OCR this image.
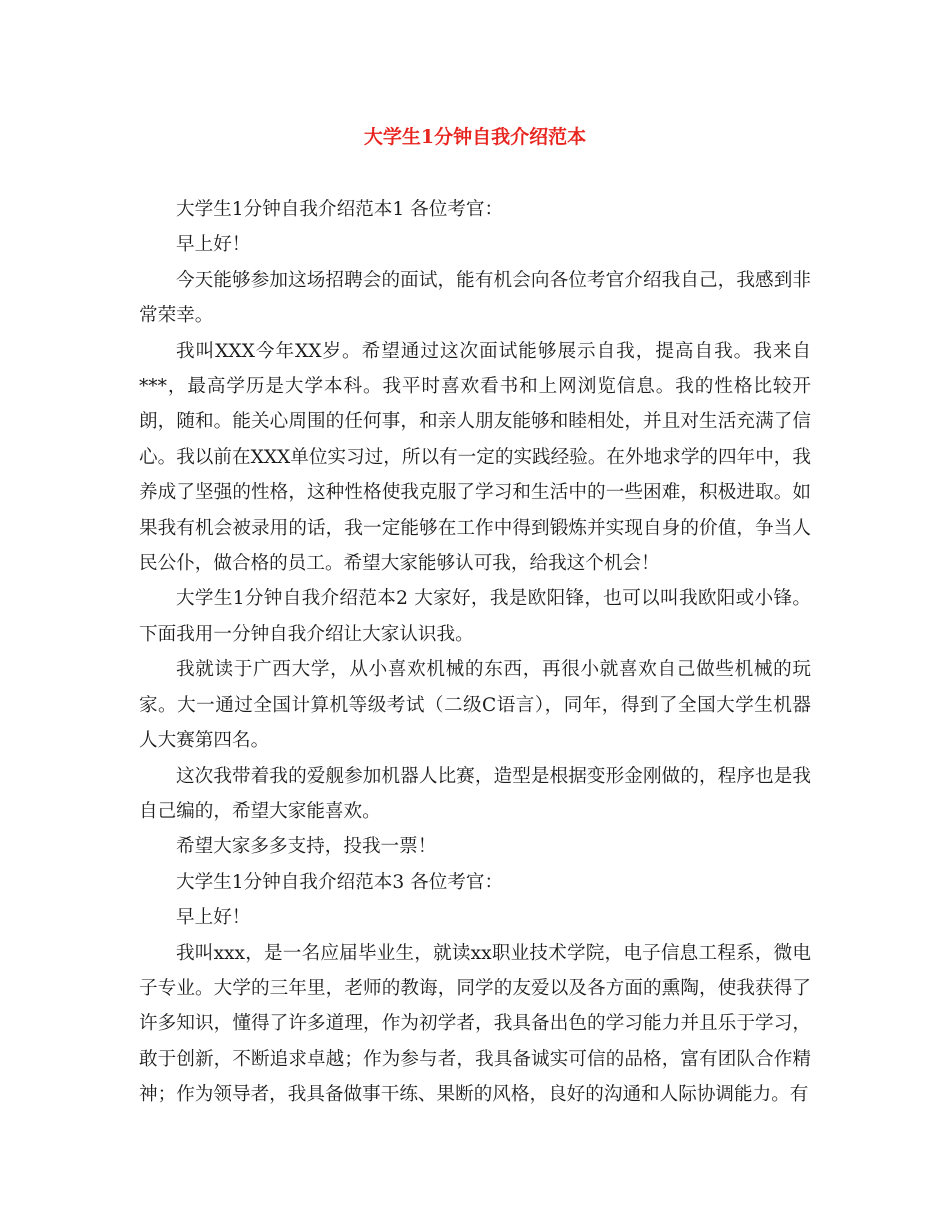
大学生1分钟自我介绍范本

大学生1分钟自我介绍范本1 各位考官：

早上好！

今天能够参加这场招聘会的面试，能有机会向各位考官介绍我自己，我感到非常荣幸。

我叫XXX今年XX岁。希望通过这次面试能够展示自我，提高自我。我来自***，最高学历是大学本科。我平时喜欢看书和上网浏览信息。我的性格比较开朗，随和。能关心周围的任何事，和亲人朋友能够和睦相处，并且对生活充满了信心。我以前在XXX单位实习过，所以有一定的实践经验。在外地求学的四年中，我养成了坚强的性格，这种性格使我克服了学习和生活中的一些困难，积极进取。如果我有机会被录用的话，我一定能够在工作中得到锻炼并实现自身的价值，争当人民公仆，做合格的员工。希望大家能够认可我，给我这个机会！

大学生1分钟自我介绍范本2 大家好，我是欧阳锋，也可以叫我欧阳或小锋。下面我用一分钟自我介绍让大家认识我。

我就读于广西大学，从小喜欢机械的东西，再很小就喜欢自己做些机械的玩家。大一通过全国计算机等级考试（二级C语言），同年，得到了全国大学生机器人大赛第四名。

这次我带着我的爱舰参加机器人比赛，造型是根据变形金刚做的，程序也是我自己编的，希望大家能喜欢。

希望大家多多支持，投我一票！

大学生1分钟自我介绍范本3 各位考官：

早上好！

我叫xxx，是一名应届毕业生，就读xx职业技术学院，电子信息工程系，微电子专业。大学的三年里，老师的教诲，同学的友爱以及各方面的熏陶，使我获得了许多知识，懂得了许多道理，作为初学者，我具备出色的学习能力并且乐于学习，敢于创新，不断追求卓越；作为参与者，我具备诚实可信的品格，富有团队合作精神；作为领导者，我具备做事干练、果断的风格，良好的沟通和人际协调能力。有
